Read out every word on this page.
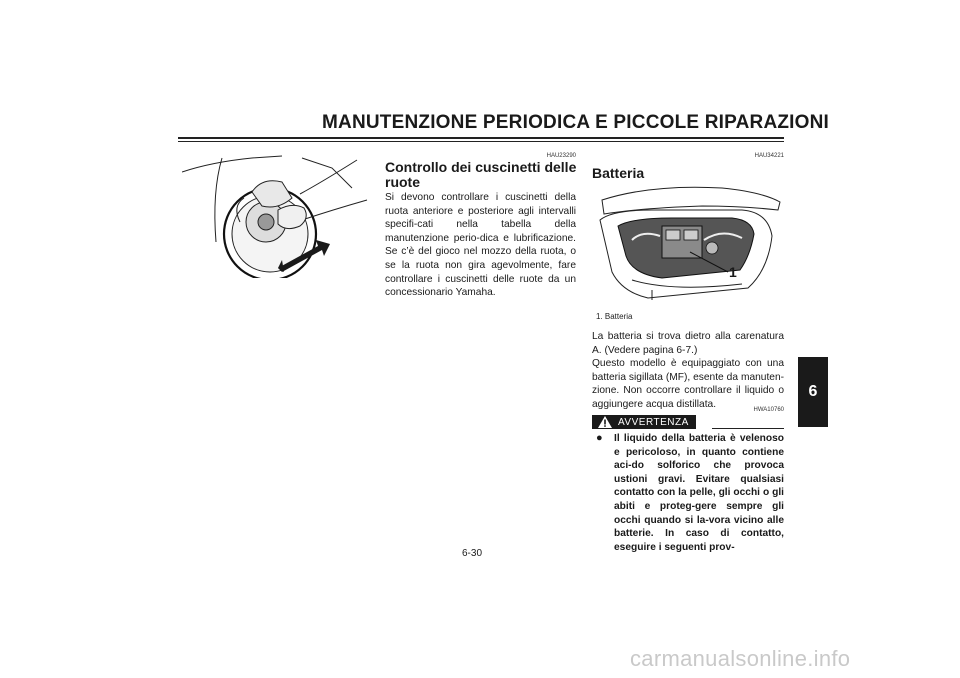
MANUTENZIONE PERIODICA E PICCOLE RIPARAZIONI
6
HAU23290
Controllo dei cuscinetti delle
ruote

Si devono controllare i cuscinetti della ruota anteriore e posteriore agli intervalli specifi-cati nella tabella della manutenzione perio-dica e lubrificazione. Se c’è del gioco nel mozzo della ruota, o se la ruota non gira agevolmente, fare controllare i cuscinetti delle ruote da un concessionario Yamaha.

HAU34221
Batteria
1
1. Batteria

La batteria si trova dietro alla carenatura A. (Vedere pagina 6-7.)

Questo modello è equipaggiato con una batteria sigillata (MF), esente da manuten-zione. Non occorre controllare il liquido o aggiungere acqua distillata.

HWA10760
AVVERTENZA
● Il liquido della batteria è velenoso e pericoloso, in quanto contiene aci-do solforico che provoca ustioni gravi. Evitare qualsiasi contatto con la pelle, gli occhi o gli abiti e proteg-gere sempre gli occhi quando si la-vora vicino alle batterie. In caso di contatto, eseguire i seguenti prov-
6-30
carmanualsonline.info
